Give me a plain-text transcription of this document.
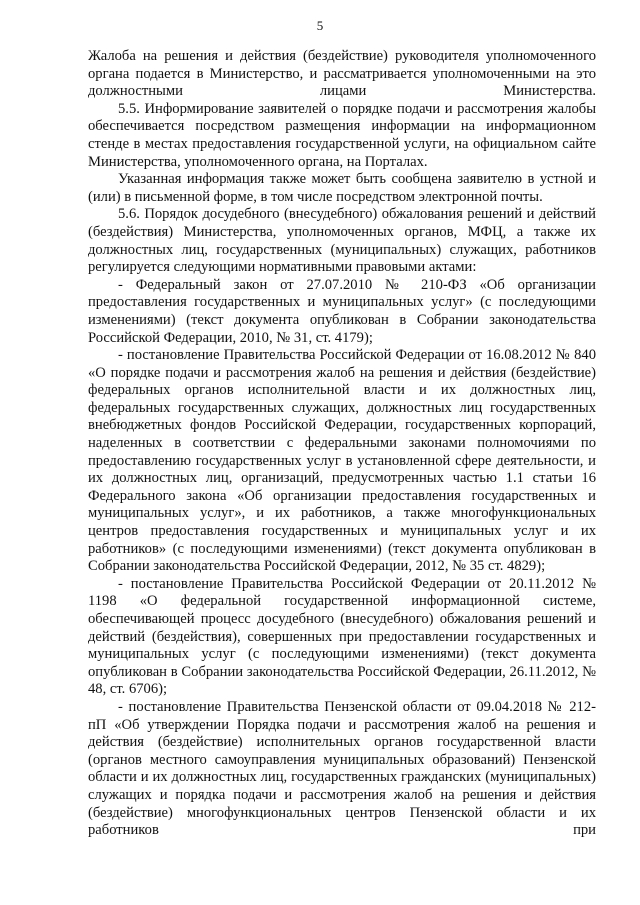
5

Жалоба на решения и действия (бездействие) руководителя уполномоченного органа подается в Министерство, и рассматривается уполномоченными на это должностными лицами Министерства.

5.5. Информирование заявителей о порядке подачи и рассмотрения жалобы обеспечивается посредством размещения информации на информационном стенде в местах предоставления государственной услуги, на официальном сайте Министерства, уполномоченного органа, на Порталах.

Указанная информация также может быть сообщена заявителю в устной и (или) в письменной форме, в том числе посредством электронной почты.

5.6. Порядок досудебного (внесудебного) обжалования решений и действий (бездействия) Министерства, уполномоченных органов, МФЦ, а также их должностных лиц, государственных (муниципальных) служащих, работников регулируется следующими нормативными правовыми актами:

- Федеральный закон от 27.07.2010 № 210-ФЗ «Об организации предоставления государственных и муниципальных услуг» (с последующими изменениями) (текст документа опубликован в Собрании законодательства Российской Федерации, 2010, № 31, ст. 4179);

- постановление Правительства Российской Федерации от 16.08.2012 № 840 «О порядке подачи и рассмотрения жалоб на решения и действия (бездействие) федеральных органов исполнительной власти и их должностных лиц, федеральных государственных служащих, должностных лиц государственных внебюджетных фондов Российской Федерации, государственных корпораций, наделенных в соответствии с федеральными законами полномочиями по предоставлению государственных услуг в установленной сфере деятельности, и их должностных лиц, организаций, предусмотренных частью 1.1 статьи 16 Федерального закона «Об организации предоставления государственных и муниципальных услуг», и их работников, а также многофункциональных центров предоставления государственных и муниципальных услуг и их работников» (с последующими изменениями) (текст документа опубликован в Собрании законодательства Российской Федерации, 2012, № 35 ст. 4829);

- постановление Правительства Российской Федерации от 20.11.2012 № 1198 «О федеральной государственной информационной системе, обеспечивающей процесс досудебного (внесудебного) обжалования решений и действий (бездействия), совершенных при предоставлении государственных и муниципальных услуг (с последующими изменениями) (текст документа опубликован в Собрании законодательства Российской Федерации, 26.11.2012, № 48, ст. 6706);

- постановление Правительства Пензенской области от 09.04.2018 № 212-пП «Об утверждении Порядка подачи и рассмотрения жалоб на решения и действия (бездействие) исполнительных органов государственной власти (органов местного самоуправления муниципальных образований) Пензенской области и их должностных лиц, государственных гражданских (муниципальных) служащих и порядка подачи и рассмотрения жалоб на решения и действия (бездействие) многофункциональных центров Пензенской области и их работников при
